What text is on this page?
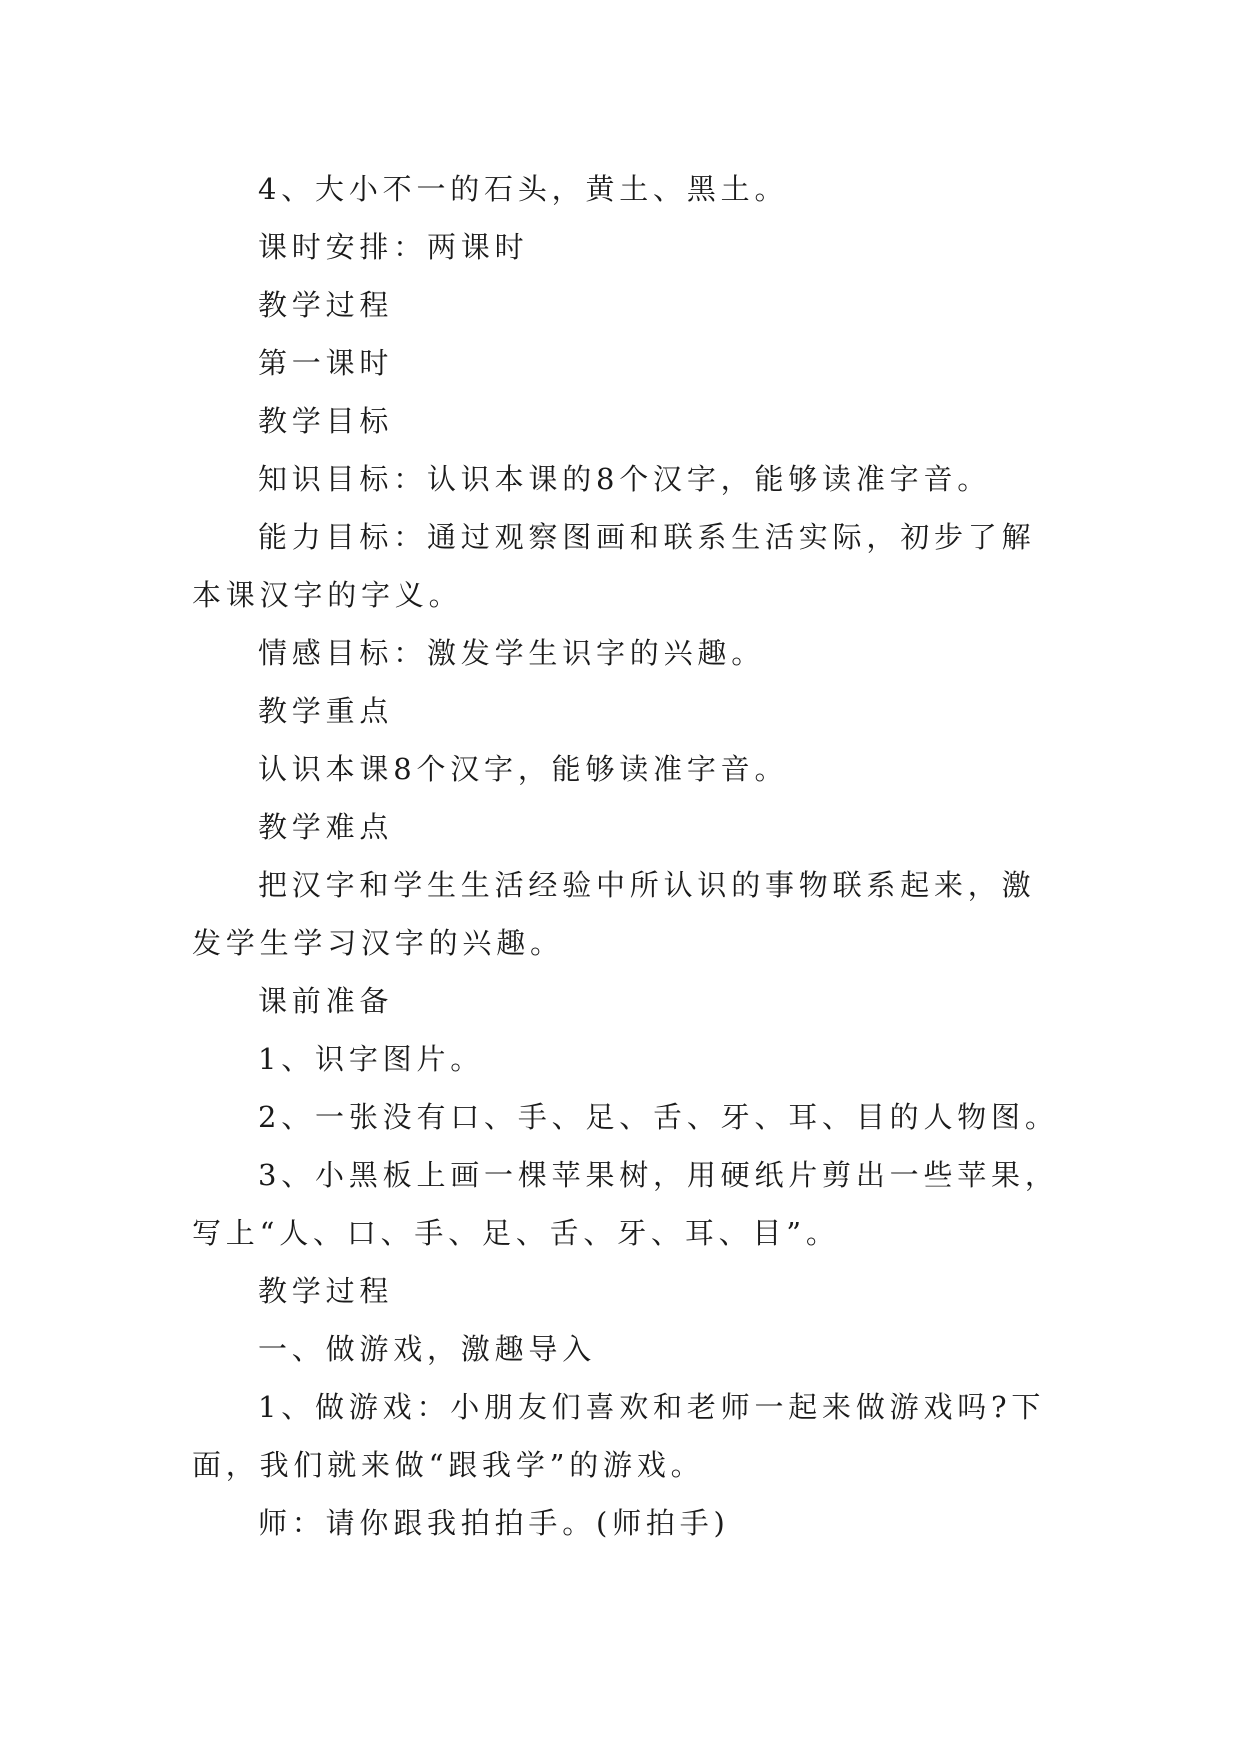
4、大小不一的石头，黄土、黑土。

课时安排：两课时

教学过程

第一课时

教学目标

知识目标：认识本课的8个汉字，能够读准字音。

能力目标：通过观察图画和联系生活实际，初步了解本课汉字的字义。

情感目标：激发学生识字的兴趣。

教学重点

认识本课8个汉字，能够读准字音。

教学难点

把汉字和学生生活经验中所认识的事物联系起来，激发学生学习汉字的兴趣。

课前准备

1、识字图片。

2、一张没有口、手、足、舌、牙、耳、目的人物图。

3、小黑板上画一棵苹果树，用硬纸片剪出一些苹果，写上“人、口、手、足、舌、牙、耳、目”。

教学过程

一、做游戏，激趣导入

1、做游戏：小朋友们喜欢和老师一起来做游戏吗?下面，我们就来做“跟我学”的游戏。

师：请你跟我拍拍手。(师拍手)
